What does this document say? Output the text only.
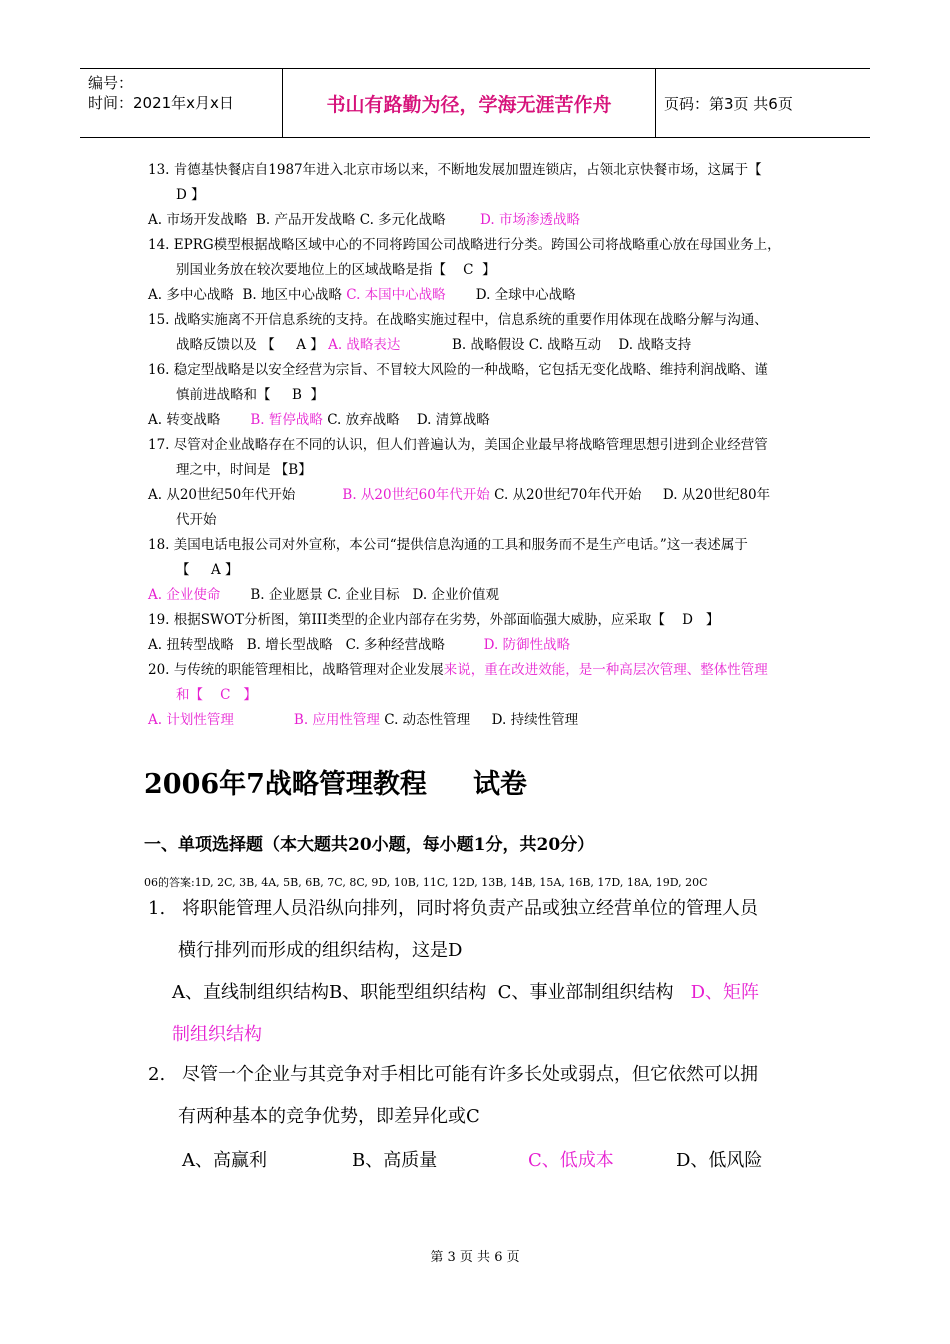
编号：
时间：2021年x月x日	书山有路勤为径，学海无涯苦作舟	页码：第3页 共6页
13. 肯德基快餐店自1987年进入北京市场以来，不断地发展加盟连锁店，占领北京快餐市场，这属于【
D 】
A. 市场开发战略 B. 产品开发战略 C. 多元化战略	D. 市场渗透战略
14. EPRG模型根据战略区域中心的不同将跨国公司战略进行分类。跨国公司将战略重心放在母国业务上，
别国业务放在较次要地位上的区域战略是指【    C  】
A. 多中心战略 B. 地区中心战略 C. 本国中心战略 D. 全球中心战略
15. 战略实施离不开信息系统的支持。在战略实施过程中，信息系统的重要作用体现在战略分解与沟通、
战略反馈以及 【     A 】 A. 战略表达	B. 战略假设 C. 战略互动 D. 战略支持
16. 稳定型战略是以安全经营为宗旨、不冒较大风险的一种战略，它包括无变化战略、维持利润战略、谨
慎前进战略和【     B  】
A. 转变战略 B. 暂停战略 C. 放弃战略 D. 清算战略
17. 尽管对企业战略存在不同的认识，但人们普遍认为，美国企业最早将战略管理思想引进到企业经营管
理之中，时间是 【B】
A. 从20世纪50年代开始	B. 从20世纪60年代开始 C. 从20世纪70年代开始 D. 从20世纪80年
代开始
18. 美国电话电报公司对外宣称，本公司“提供信息沟通的工具和服务而不是生产电话。”这一表述属于
【     A 】
A. 企业使命 B. 企业愿景 C. 企业目标 D. 企业价值观
19. 根据SWOT分析图，第III类型的企业内部存在劣势，外部面临强大威胁，应采取【    D   】
A. 扭转型战略 B. 增长型战略 C. 多种经营战略	D. 防御性战略
20. 与传统的职能管理相比，战略管理对企业发展来说，重在改进效能，是一种高层次管理、整体性管理
和【    C   】
A. 计划性管理	B. 应用性管理 C. 动态性管理 D. 持续性管理
2006年7战略管理教程 试卷
一、单项选择题（本大题共20小题，每小题1分，共20分）
06的答案:1D, 2C, 3B, 4A, 5B, 6B, 7C, 8C, 9D, 10B, 11C, 12D, 13B, 14B, 15A, 16B, 17D, 18A, 19D, 20C
1. 将职能管理人员沿纵向排列，同时将负责产品或独立经营单位的管理人员
横行排列而形成的组织结构，这是D
A、直线制组织结构B、职能型组织结构  C、事业部制组织结构 D、矩阵
制组织结构
2. 尽管一个企业与其竞争对手相比可能有许多长处或弱点，但它依然可以拥
有两种基本的竞争优势，即差异化或C
A、高赢利	B、高质量	C、低成本	D、低风险
第 3 页 共 6 页
